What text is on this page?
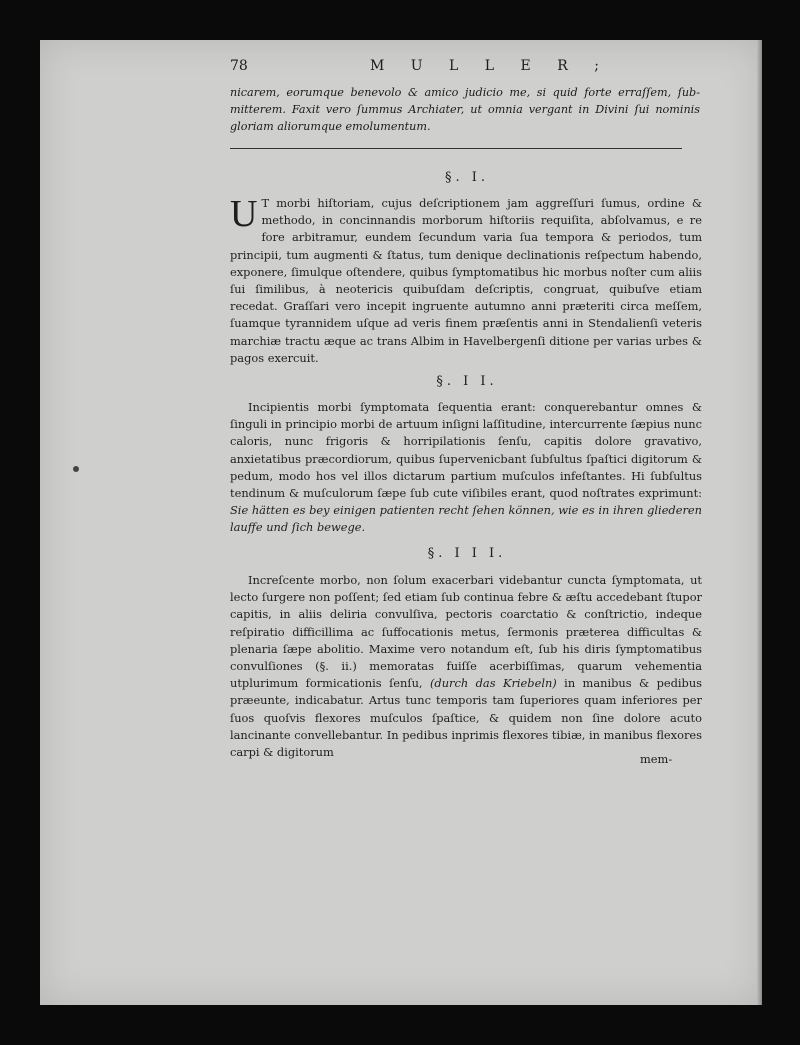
78	M U L L E R ;
nicarem, eorumque benevolo & amico judicio me, si quid forte erraſſem, ſub-mitterem. Faxit vero ſummus Archiater, ut omnia vergant in Divini ſui nominis gloriam aliorumque emolumentum.
§. I.
U T morbi hiſtoriam, cujus deſcriptionem jam aggreſſuri ſumus, ordine & methodo, in concinnandis morborum hiſtoriis requiſita, abſolvamus, e re fore arbitramur, eundem ſecundum varia ſua tempora & periodos, tum principii, tum augmenti & ſtatus, tum denique declinationis reſpectum habendo, exponere, ſimulque oſtendere, quibus ſymptomatibus hic morbus noſter cum aliis ſui ſimilibus, à neotericis quibuſdam deſcriptis, congruat, quibuſve etiam recedat. Graſſari vero incepit ingruente autumno anni præteriti circa meſſem, ſuamque tyrannidem uſque ad veris finem præſentis anni in Stendalienſi veteris marchiæ tractu æque ac trans Albim in Havelbergenſi ditione per varias urbes & pagos exercuit.
§. I I.
Incipientis morbi ſymptomata ſequentia erant: conquerebantur omnes & ſinguli in principio morbi de artuum inſigni laſſitudine, intercurrente ſæpius nunc caloris, nunc frigoris & horripilationis ſenſu, capitis dolore gravativo, anxietatibus præcordiorum, quibus ſupervenicbant ſubſultus ſpaſtici digitorum & pedum, modo hos vel illos dictarum partium muſculos infeſtantes. Hi ſubſultus tendinum & muſculorum ſæpe ſub cute viſibiles erant, quod noſtrates exprimunt: Sie hätten es bey einigen patienten recht ſehen können, wie es in ihren gliederen lauffe und ſich bewege.
§. I I I.
Increſcente morbo, non ſolum exacerbari videbantur cuncta ſymptomata, ut lecto ſurgere non poſſent; ſed etiam ſub continua febre & æſtu accedebant ſtupor capitis, in aliis deliria convulſiva, pectoris coarctatio & conſtrictio, indeque reſpiratio difficillima ac ſuffocationis metus, ſermonis præterea difficultas & plenaria ſæpe abolitio. Maxime vero notandum eſt, ſub his diris ſymptomatibus convulſiones (§. ii.) memoratas fuiſſe acerbiſſimas, quarum vehementia utplurimum formicationis ſenſu, (durch das Kriebeln) in manibus & pedibus præeunte, indicabatur. Artus tunc temporis tam ſuperiores quam inferiores per ſuos quoſvis flexores muſculos ſpaſtice, & quidem non ſine dolore acuto lancinante convellebantur. In pedibus inprimis flexores tibiæ, in manibus flexores carpi & digitorum	mem-
